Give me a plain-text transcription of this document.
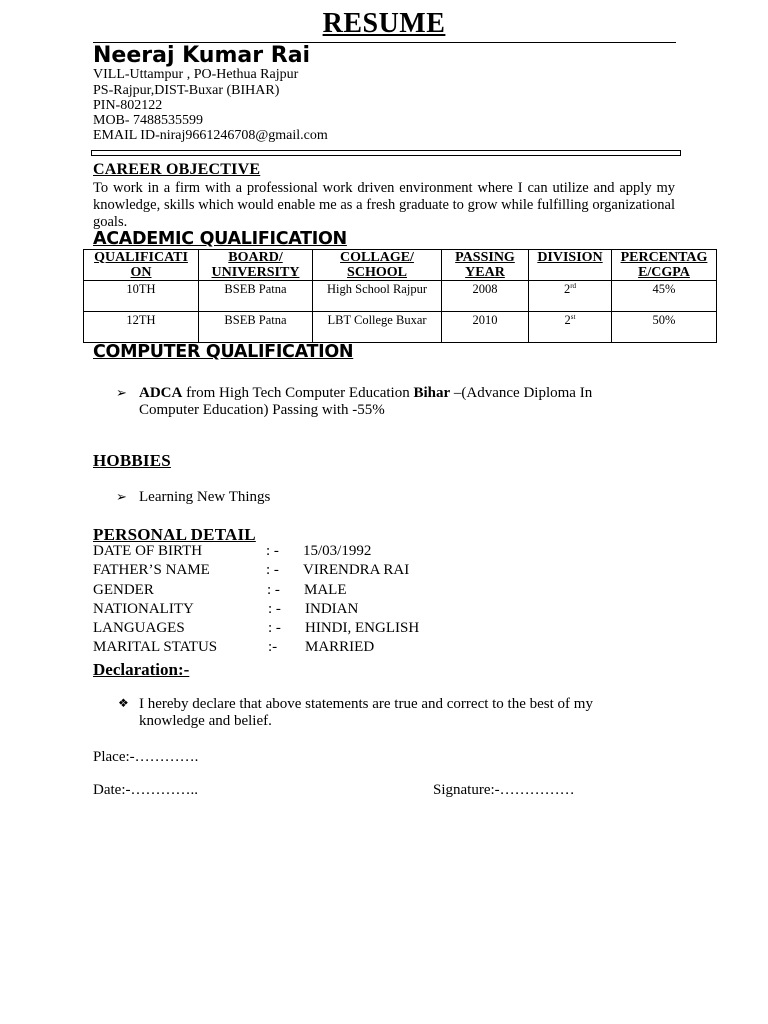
RESUME
Neeraj Kumar Rai
VILL-Uttampur , PO-Hethua Rajpur
PS-Rajpur,DIST-Buxar (BIHAR)
PIN-802122
MOB- 7488535599
EMAIL ID-niraj9661246708@gmail.com
CAREER OBJECTIVE
To work in a firm with a professional work driven environment where I can utilize and apply my knowledge, skills which would enable me as a fresh graduate to grow while fulfilling organizational goals.
ACADEMIC QUALIFICATION
QUALIFICATI ON	BOARD/ UNIVERSITY	COLLAGE/ SCHOOL	PASSING YEAR	DIVISION	PERCENTAG E/CGPA
10TH	BSEB Patna	High School Rajpur	2008	2rd	45%
12TH	BSEB Patna	LBT College Buxar	2010	2st	50%
COMPUTER QUALIFICATION
➢ ADCA from High Tech Computer Education Bihar –(Advance Diploma In
Computer Education) Passing with -55%
HOBBIES
➢ Learning New Things
PERSONAL DETAIL
DATE OF BIRTH	: - 15/03/1992
FATHER’S NAME	: - VIRENDRA RAI
GENDER	: - MALE
NATIONALITY	: - INDIAN
LANGUAGES	: - HINDI, ENGLISH
MARITAL STATUS	:- MARRIED
Declaration:-
❖ I hereby declare that above statements are true and correct to the best of my
knowledge and belief.
Place:-………….
Date:-…………..	Signature:-……………
